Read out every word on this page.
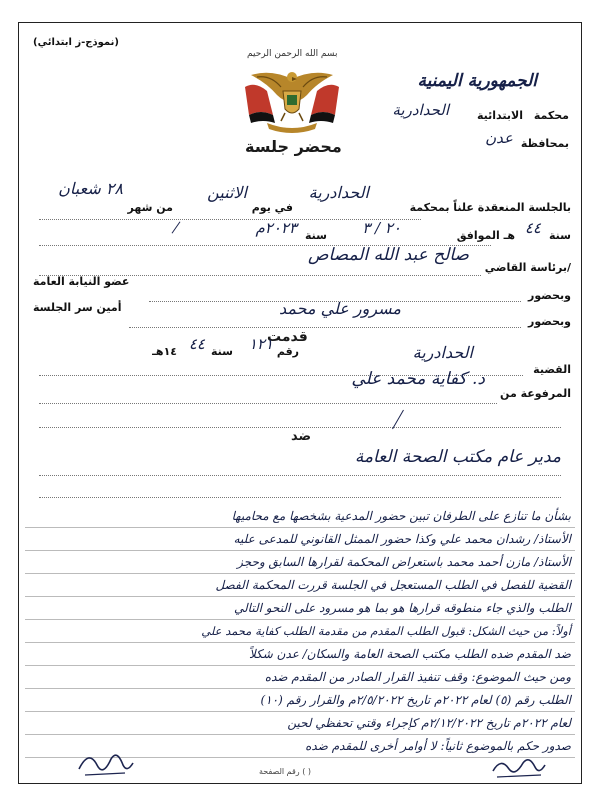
(نموذج-ز ابتدائي)
بسم الله الرحمن الرحيم
محضر جلسة
الجمهورية اليمنية
محكمة
الحدادرية	الابتدائية
بمحافظة
عدن
بالجلسة المنعقدة علناً بمحكمة
الحدادرية
في يوم
الاثنين
من شهر
٢٨ شعبان
سنة
٤٤
هـ الموافق
٢٠ / ٣
سنة
٢٠٢٣م
برئاسة القاضي/
صالح عبد الله المصاص
وبحضور
عضو النيابة العامة
وبحضور
أمين سر الجلسة	مسرور علي محمد
قدمت
القضية
الحدادرية
رقم
١٢١
سنة
٤٤
١٤هـ
المرفوعة من
د. كفاية محمد علي
ضد
مدير عام مكتب الصحة العامة
بشأن ما تنازع على الطرفان تبين حضور المدعية بشخصها مع محاميها
الأستاذ/ رشدان محمد علي وكذا حضور الممثل القانوني للمدعى عليه
الأستاذ/ مازن أحمد محمد باستعراض المحكمة لقرارها السابق وحجز
القضية للفصل في الطلب المستعجل في الجلسة قررت المحكمة الفصل
الطلب والذي جاء منطوقه قرارها هو بما هو مسرود على النحو التالي
أولاً: من حيث الشكل: قبول الطلب المقدم من مقدمة الطلب كفاية محمد علي
ضد المقدم ضده الطلب مكتب الصحة العامة والسكان/ عدن شكلاً
ومن حيث الموضوع: وقف تنفيذ القرار الصادر من المقدم ضده
الطلب رقم (٥) لعام ٢٠٢٢م تاريخ ٢/٥/٢٠٢٢م والقرار رقم (١٠)
لعام ٢٠٢٢م تاريخ ٢/١٢/٢٠٢٢م كإجراء وقتي تحفظي لحين
صدور حكم بالموضوع ثانياً: لا أوامر أخرى للمقدم ضده
رقم الصفحة ( )
